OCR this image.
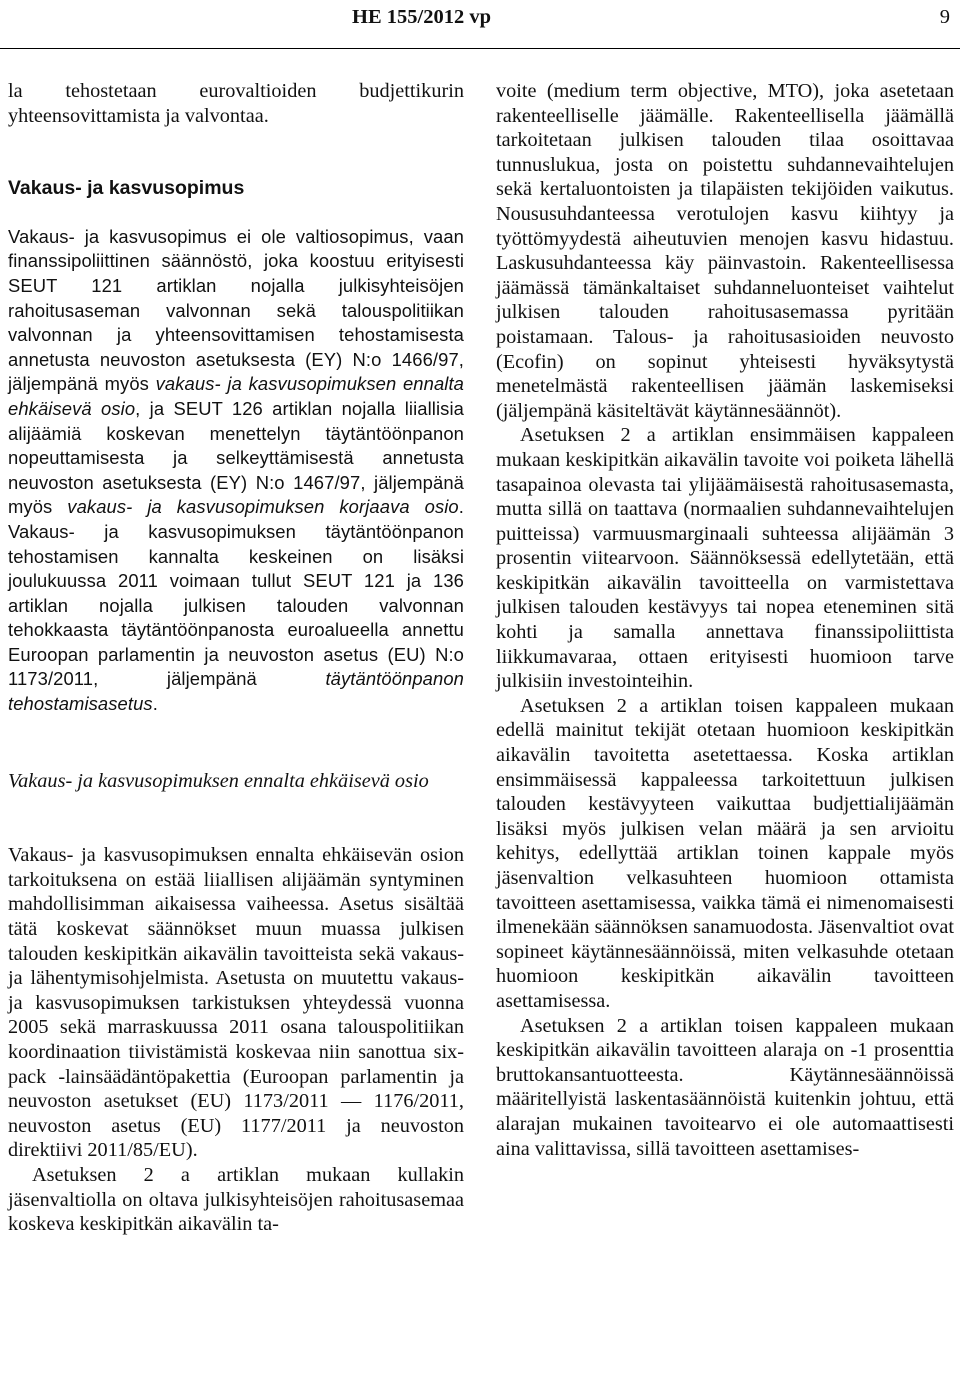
HE 155/2012 vp	9

la tehostetaan eurovaltioiden budjettikurin yhteensovittamista ja valvontaa.

Vakaus- ja kasvusopimus

Vakaus- ja kasvusopimus ei ole valtiosopimus, vaan finanssipoliittinen säännöstö, joka koostuu erityisesti SEUT 121 artiklan nojalla julkisyhteisöjen rahoitusaseman valvonnan sekä talouspolitiikan valvonnan ja yhteensovittamisen tehostamisesta annetusta neuvoston asetuksesta (EY) N:o 1466/97, jäljempänä myös vakaus- ja kasvusopimuksen ennalta ehkäisevä osio, ja SEUT 126 artiklan nojalla liiallisia alijäämiä koskevan menettelyn täytäntöönpanon nopeuttamisesta ja selkeyttämisestä annetusta neuvoston asetuksesta (EY) N:o 1467/97, jäljempänä myös vakaus- ja kasvusopimuksen korjaava osio. Vakaus- ja kasvusopimuksen täytäntöönpanon tehostamisen kannalta keskeinen on lisäksi joulukuussa 2011 voimaan tullut SEUT 121 ja 136 artiklan nojalla julkisen talouden valvonnan tehokkaasta täytäntöönpanosta euroalueella annettu Euroopan parlamentin ja neuvoston asetus (EU) N:o 1173/2011, jäljempänä täytäntöönpanon tehostamisasetus.

Vakaus- ja kasvusopimuksen ennalta ehkäisevä osio

Vakaus- ja kasvusopimuksen ennalta ehkäisevän osion tarkoituksena on estää liiallisen alijäämän syntyminen mahdollisimman aikaisessa vaiheessa. Asetus sisältää tätä koskevat säännökset muun muassa julkisen talouden keskipitkän aikavälin tavoitteista sekä vakaus- ja lähentymisohjelmista. Asetusta on muutettu vakaus- ja kasvusopimuksen tarkistuksen yhteydessä vuonna 2005 sekä marraskuussa 2011 osana talouspolitiikan koordinaation tiivistämistä koskevaa niin sanottua six-pack -lainsäädäntöpakettia (Euroopan parlamentin ja neuvoston asetukset (EU) 1173/2011 — 1176/2011, neuvoston asetus (EU) 1177/2011 ja neuvoston direktiivi 2011/85/EU).

Asetuksen 2 a artiklan mukaan kullakin jäsenvaltiolla on oltava julkisyhteisöjen rahoitusasemaa koskeva keskipitkän aikavälin ta-

voite (medium term objective, MTO), joka asetetaan rakenteelliselle jäämälle. Rakenteellisella jäämällä tarkoitetaan julkisen talouden tilaa osoittavaa tunnuslukua, josta on poistettu suhdannevaihtelujen sekä kertaluontoisten ja tilapäisten tekijöiden vaikutus. Noususuhdanteessa verotulojen kasvu kiihtyy ja työttömyydestä aiheutuvien menojen kasvu hidastuu. Laskusuhdanteessa käy päinvastoin. Rakenteellisessa jäämässä tämänkaltaiset suhdanneluonteiset vaihtelut julkisen talouden rahoitusasemassa pyritään poistamaan. Talous- ja rahoitusasioiden neuvosto (Ecofin) on sopinut yhteisesti hyväksytystä menetelmästä rakenteellisen jäämän laskemiseksi (jäljempänä käsiteltävät käytännesäännöt).

Asetuksen 2 a artiklan ensimmäisen kappaleen mukaan keskipitkän aikavälin tavoite voi poiketa lähellä tasapainoa olevasta tai ylijäämäisestä rahoitusasemasta, mutta sillä on taattava (normaalien suhdannevaihtelujen puitteissa) varmuusmarginaali suhteessa alijäämän 3 prosentin viitearvoon. Säännöksessä edellytetään, että keskipitkän aikavälin tavoitteella on varmistettava julkisen talouden kestävyys tai nopea eteneminen sitä kohti ja samalla annettava finanssipoliittista liikkumavaraa, ottaen erityisesti huomioon tarve julkisiin investointeihin.

Asetuksen 2 a artiklan toisen kappaleen mukaan edellä mainitut tekijät otetaan huomioon keskipitkän aikavälin tavoitetta asetettaessa. Koska artiklan ensimmäisessä kappaleessa tarkoitettuun julkisen talouden kestävyyteen vaikuttaa budjettialijäämän lisäksi myös julkisen velan määrä ja sen arvioitu kehitys, edellyttää artiklan toinen kappale myös jäsenvaltion velkasuhteen huomioon ottamista tavoitteen asettamisessa, vaikka tämä ei nimenomaisesti ilmenekään säännöksen sanamuodosta. Jäsenvaltiot ovat sopineet käytännesäännöissä, miten velkasuhde otetaan huomioon keskipitkän aikavälin tavoitteen asettamisessa.

Asetuksen 2 a artiklan toisen kappaleen mukaan keskipitkän aikavälin tavoitteen alaraja on -1 prosenttia bruttokansantuotteesta. Käytännesäännöissä määritellyistä laskentasäännöistä kuitenkin johtuu, että alarajan mukainen tavoitearvo ei ole automaattisesti aina valittavissa, sillä tavoitteen asettamises-
